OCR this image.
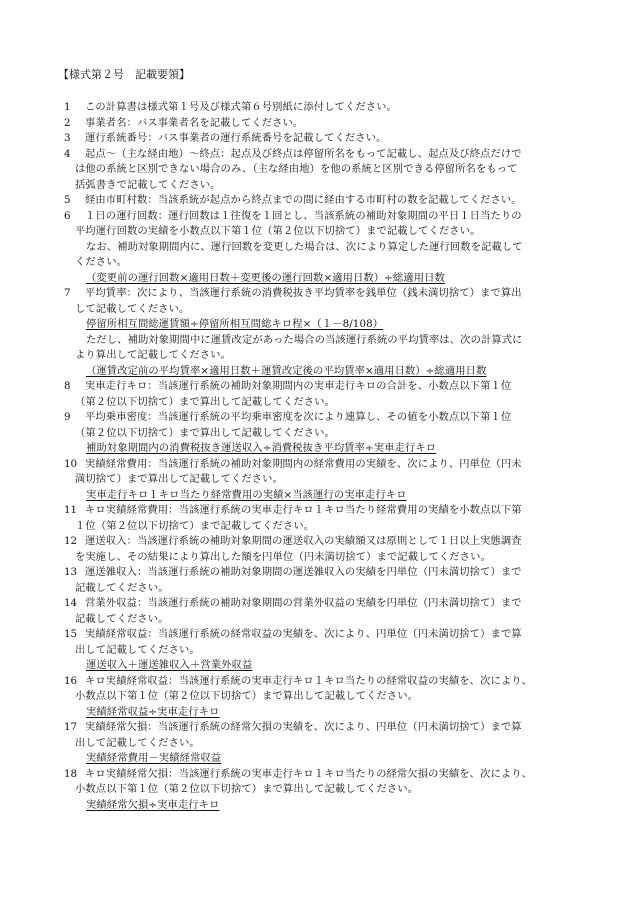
【様式第２号　記載要領】
1	この計算書は様式第１号及び様式第６号別紙に添付してください。
2	事業者名：バス事業者名を記載してください。
3	運行系統番号：バス事業者の運行系統番号を記載してください。
4	起点～（主な経由地）～終点：起点及び終点は停留所名をもって記載し、起点及び終点だけで
は他の系統と区別できない場合のみ、（主な経由地）を他の系統と区別できる停留所名をもって
括弧書きで記載してください。
5	経由市町村数：当該系統が起点から終点までの間に経由する市町村の数を記載してください。
6	１日の運行回数：運行回数は１往復を１回とし、当該系統の補助対象期間の平日１日当たりの
平均運行回数の実績を小数点以下第１位（第２位以下切捨て）まで記載してください。
なお、補助対象期間内に、運行回数を変更した場合は、次により算定した運行回数を記載して
ください。
（変更前の運行回数×適用日数＋変更後の運行回数×適用日数）÷総適用日数
7	平均賃率：次により、当該運行系統の消費税抜き平均賃率を銭単位（銭未満切捨て）まで算出
して記載してください。
停留所相互間総運賃額÷停留所相互間総キロ程×（１－8/108）
ただし、補助対象期間中に運賃改定があった場合の当該運行系統の平均賃率は、次の計算式に
より算出して記載してください。
（運賃改定前の平均賃率×適用日数＋運賃改定後の平均賃率×適用日数）÷総適用日数
8	実車走行キロ：当該運行系統の補助対象期間内の実車走行キロの合計を、小数点以下第１位
（第２位以下切捨て）まで算出して記載してください。
9	平均乗車密度：当該運行系統の平均乗車密度を次により連算し、その値を小数点以下第１位
（第２位以下切捨て）まで算出して記載してください。
補助対象期間内の消費税抜き運送収入÷消費税抜き平均賃率÷実車走行キロ
10 実績経常費用：当該運行系統の補助対象期間内の経常費用の実績を、次により、円単位（円未
満切捨て）まで算出して記載してください。
実車走行キロ１キロ当たり経常費用の実績×当該運行の実車走行キロ
11 キロ実績経常費用：当該運行系統の実車走行キロ１キロ当たり経常費用の実績を小数点以下第
１位（第２位以下切捨て）まで記載してください。
12 運送収入：当該運行系統の補助対象期間の運送収入の実績額又は原則として１日以上実態調査
を実施し、その結果により算出した額を円単位（円未満切捨て）まで記載してください。
13 運送雑収入：当該運行系統の補助対象期間の運送雑収入の実績を円単位（円未満切捨て）まで
記載してください。
14 営業外収益：当該運行系統の補助対象期間の営業外収益の実績を円単位（円未満切捨て）まで
記載してください。
15 実績経常収益：当該運行系統の経常収益の実績を、次により、円単位（円未満切捨て）まで算
出して記載してください。
運送収入＋運送雑収入＋営業外収益
16 キロ実績経常収益：当該運行系統の実車走行キロ１キロ当たりの経常収益の実績を、次により、
小数点以下第１位（第２位以下切捨て）まで算出して記載してください。
実績経常収益÷実車走行キロ
17 実績経常欠損：当該運行系統の経常欠損の実績を、次により、円単位（円未満切捨て）まで算
出して記載してください。
実績経常費用－実績経常収益
18 キロ実績経常欠損：当該運行系統の実車走行キロ１キロ当たりの経常欠損の実績を、次により、
小数点以下第１位（第２位以下切捨て）まで算出して記載してください。
実績経常欠損÷実車走行キロ
